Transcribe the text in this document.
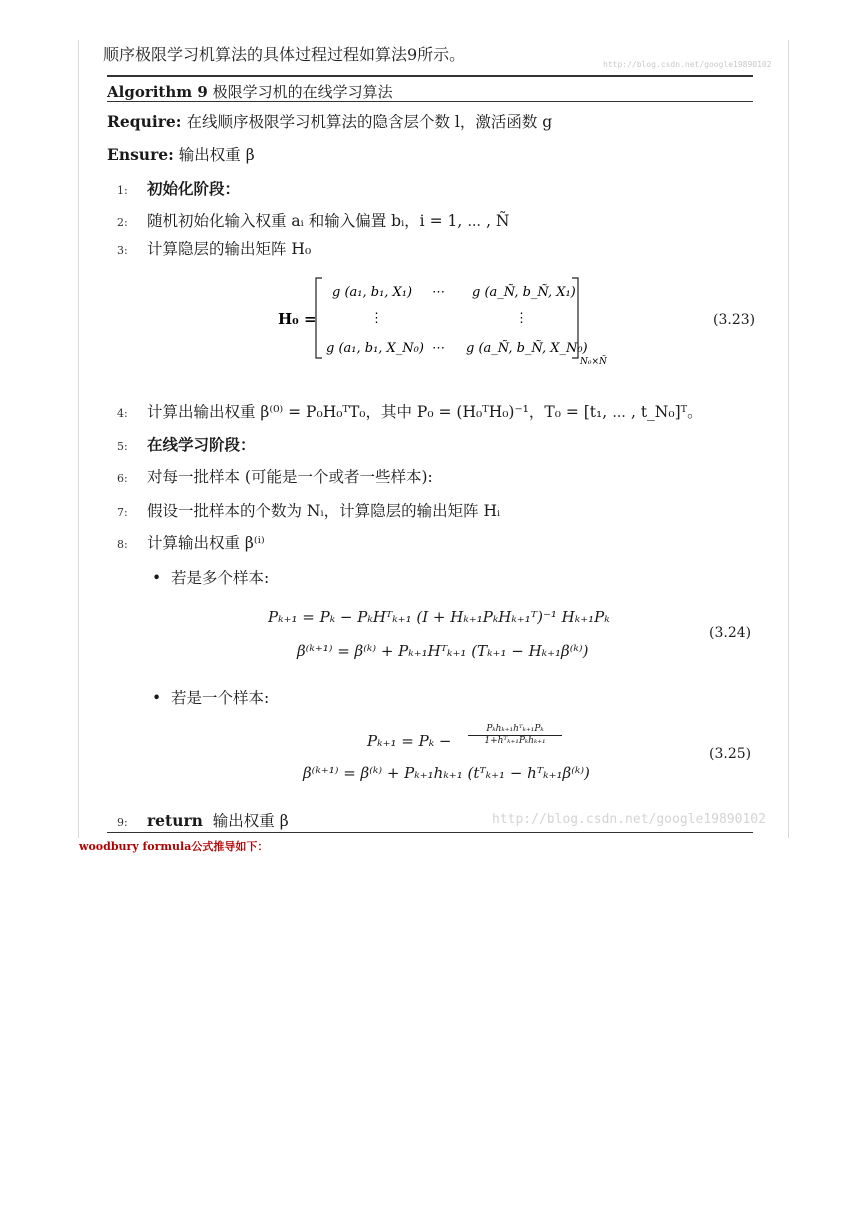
顺序极限学习机算法的具体过程过程如算法9所示。
http://blog.csdn.net/google19890102
Algorithm 9 极限学习机的在线学习算法
Require: 在线顺序极限学习机算法的隐含层个数 l，激活函数 g
Ensure: 输出权重 β
1: 初始化阶段：
2: 随机初始化输入权重 aᵢ 和输入偏置 bᵢ，i = 1, ⋯ , Ñ
3: 计算隐层的输出矩阵 H₀
H₀ =
g (a₁, b₁, X₁) ⋯ g (a_Ñ, b_Ñ, X₁)
⋮	⋮
g (a₁, b₁, X_N₀) ⋯ g (a_Ñ, b_Ñ, X_N₀)
N₀×Ñ
(3.23)
4: 计算出输出权重 β⁽⁰⁾ = P₀H₀ᵀT₀，其中 P₀ = (H₀ᵀH₀)⁻¹，T₀ = [t₁, ⋯ , t_N₀]ᵀ。
5: 在线学习阶段：
6: 对每一批样本 (可能是一个或者一些样本):
7: 假设一批样本的个数为 Nᵢ，计算隐层的输出矩阵 Hᵢ
8: 计算输出权重 β⁽ⁱ⁾
•  若是多个样本:
Pₖ₊₁ = Pₖ − PₖHᵀₖ₊₁ (I + Hₖ₊₁PₖHₖ₊₁ᵀ)⁻¹ Hₖ₊₁Pₖ
β⁽ᵏ⁺¹⁾ = β⁽ᵏ⁾ + Pₖ₊₁Hᵀₖ₊₁ (Tₖ₊₁ − Hₖ₊₁β⁽ᵏ⁾)
(3.24)
•  若是一个样本:
Pₖ₊₁ = Pₖ −
Pₖhₖ₊₁hᵀₖ₊₁Pₖ
1+hᵀₖ₊₁Pₖhₖ₊₁
β⁽ᵏ⁺¹⁾ = β⁽ᵏ⁾ + Pₖ₊₁hₖ₊₁ (tᵀₖ₊₁ − hᵀₖ₊₁β⁽ᵏ⁾)
(3.25)
9: return 输出权重 β	http://blog.csdn.net/google19890102
woodbury formula公式推导如下：
